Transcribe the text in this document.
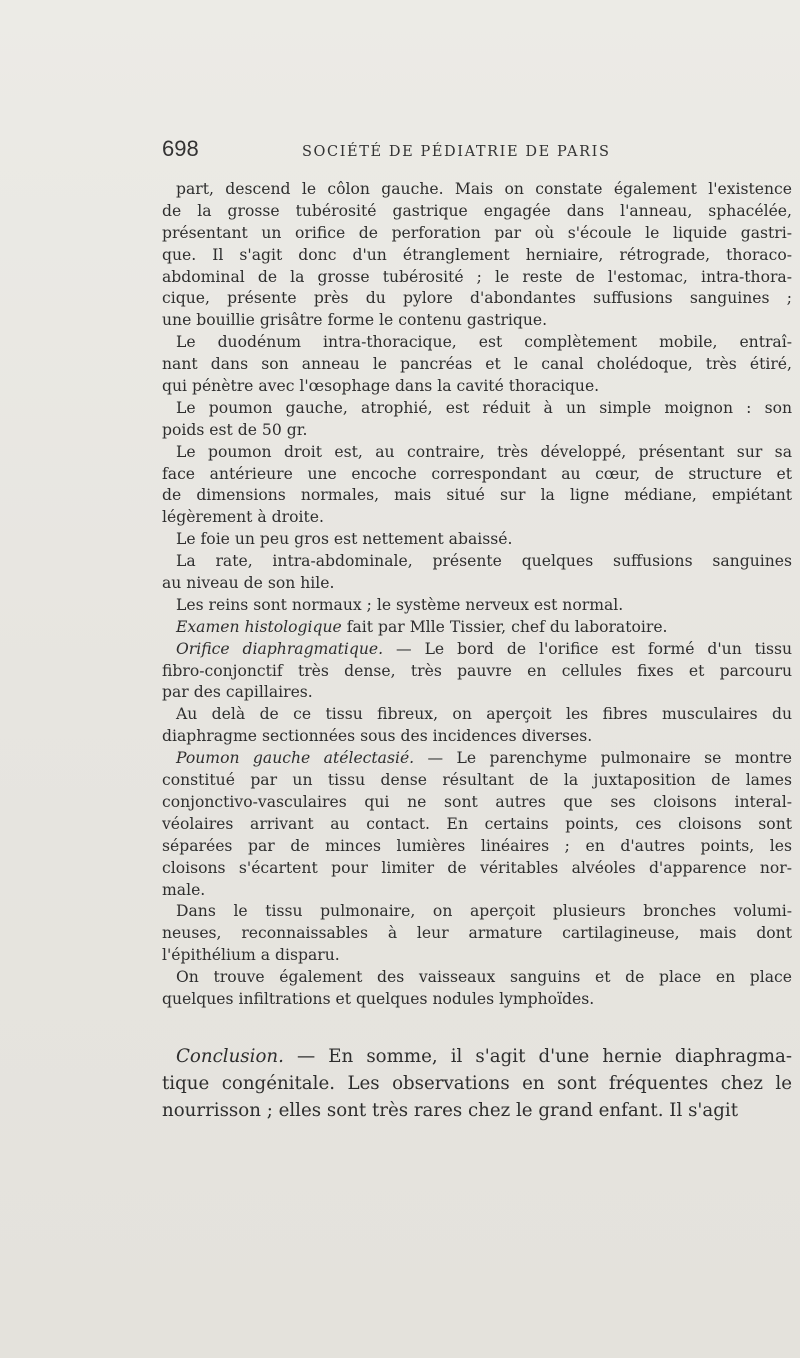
698	SOCIÉTÉ DE PÉDIATRIE DE PARIS
part, descend le côlon gauche. Mais on constate également l'existence
de la grosse tubérosité gastrique engagée dans l'anneau, sphacélée,
présentant un orifice de perforation par où s'écoule le liquide gastri-
que. Il s'agit donc d'un étranglement herniaire, rétrograde, thoraco-
abdominal de la grosse tubérosité ; le reste de l'estomac, intra-thora-
cique, présente près du pylore d'abondantes suffusions sanguines ;
une bouillie grisâtre forme le contenu gastrique.
Le duodénum intra-thoracique, est complètement mobile, entraî-
nant dans son anneau le pancréas et le canal cholédoque, très étiré,
qui pénètre avec l'œsophage dans la cavité thoracique.
Le poumon gauche, atrophié, est réduit à un simple moignon : son
poids est de 50 gr.
Le poumon droit est, au contraire, très développé, présentant sur sa
face antérieure une encoche correspondant au cœur, de structure et
de dimensions normales, mais situé sur la ligne médiane, empiétant
légèrement à droite.
Le foie un peu gros est nettement abaissé.
La rate, intra-abdominale, présente quelques suffusions sanguines
au niveau de son hile.
Les reins sont normaux ; le système nerveux est normal.
Examen histologique fait par Mlle Tissier, chef du laboratoire.
Orifice diaphragmatique. — Le bord de l'orifice est formé d'un tissu
fibro-conjonctif très dense, très pauvre en cellules fixes et parcouru
par des capillaires.
Au delà de ce tissu fibreux, on aperçoit les fibres musculaires du
diaphragme sectionnées sous des incidences diverses.
Poumon gauche atélectasié. — Le parenchyme pulmonaire se montre
constitué par un tissu dense résultant de la juxtaposition de lames
conjonctivo-vasculaires qui ne sont autres que ses cloisons interal-
véolaires arrivant au contact. En certains points, ces cloisons sont
séparées par de minces lumières linéaires ; en d'autres points, les
cloisons s'écartent pour limiter de véritables alvéoles d'apparence nor-
male.
Dans le tissu pulmonaire, on aperçoit plusieurs bronches volumi-
neuses, reconnaissables à leur armature cartilagineuse, mais dont
l'épithélium a disparu.
On trouve également des vaisseaux sanguins et de place en place
quelques infiltrations et quelques nodules lymphoïdes.
Conclusion. — En somme, il s'agit d'une hernie diaphragma-
tique congénitale. Les observations en sont fréquentes chez le
nourrisson ; elles sont très rares chez le grand enfant. Il s'agit
